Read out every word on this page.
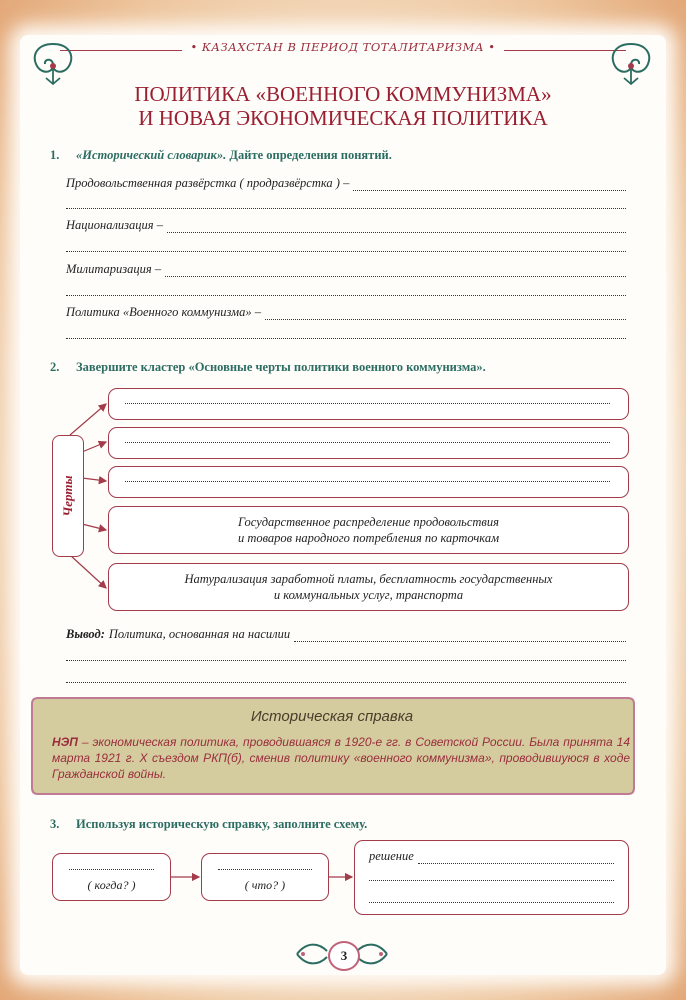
• КАЗАХСТАН В ПЕРИОД ТОТАЛИТАРИЗМА •
ПОЛИТИКА «ВОЕННОГО КОММУНИЗМА»
И НОВАЯ ЭКОНОМИЧЕСКАЯ ПОЛИТИКА
1. «Исторический словарик». Дайте определения понятий.
Продовольственная развёрстка ( продразвёрстка ) –
Национализация –
Милитаризация –
Политика «Военного коммунизма» –
2. Завершите кластер «Основные черты политики военного коммунизма».
Черты
Государственное распределение продовольствия
и товаров народного потребления по карточкам
Натурализация заработной платы, бесплатность государственных
и коммунальных услуг, транспорта
Вывод: Политика, основанная на насилии
Историческая справка
НЭП – экономическая политика, проводившаяся в 1920-е гг. в Советской России. Была принята 14 марта 1921 г. X съездом РКП(б), сменив политику «военного коммунизма», проводившуюся в ходе Гражданской войны.
3. Используя историческую справку, заполните схему.
( когда? )	( что? )
решение
3
